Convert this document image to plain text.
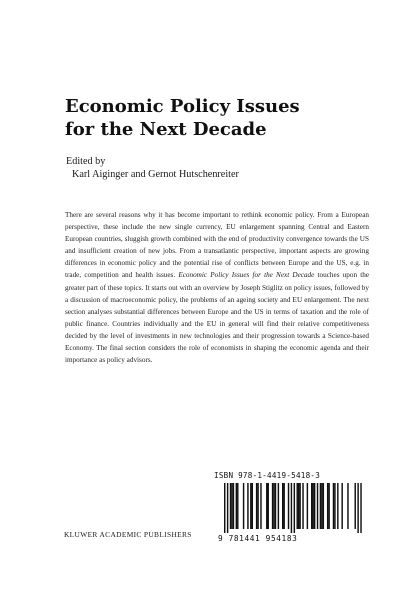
Economic Policy Issues
for the Next Decade
Edited by
Karl Aiginger and Gernot Hutschenreiter

There are several reasons why it has become important to rethink economic policy. From a European perspective, these include the new single currency, EU enlargement spanning Central and Eastern European countries, sluggish growth combined with the end of productivity convergence towards the US and insufficient creation of new jobs. From a transatlantic perspective, important aspects are growing differences in economic policy and the potential rise of conflicts between Europe and the US, e.g. in trade, competition and health issues. Economic Policy Issues for the Next Decade touches upon the greater part of these topics. It starts out with an overview by Joseph Stiglitz on policy issues, followed by a discussion of macroeconomic policy, the problems of an ageing society and EU enlargement. The next section analyses substantial differences between Europe and the US in terms of taxation and the role of public finance. Countries individually and the EU in general will find their relative competitiveness decided by the level of investments in new technologies and their progression towards a Science-based Economy. The final section considers the role of economists in shaping the economic agenda and their importance as policy advisors.

ISBN 978-1-4419-5418-3
9 781441 954183
KLUWER ACADEMIC PUBLISHERS
